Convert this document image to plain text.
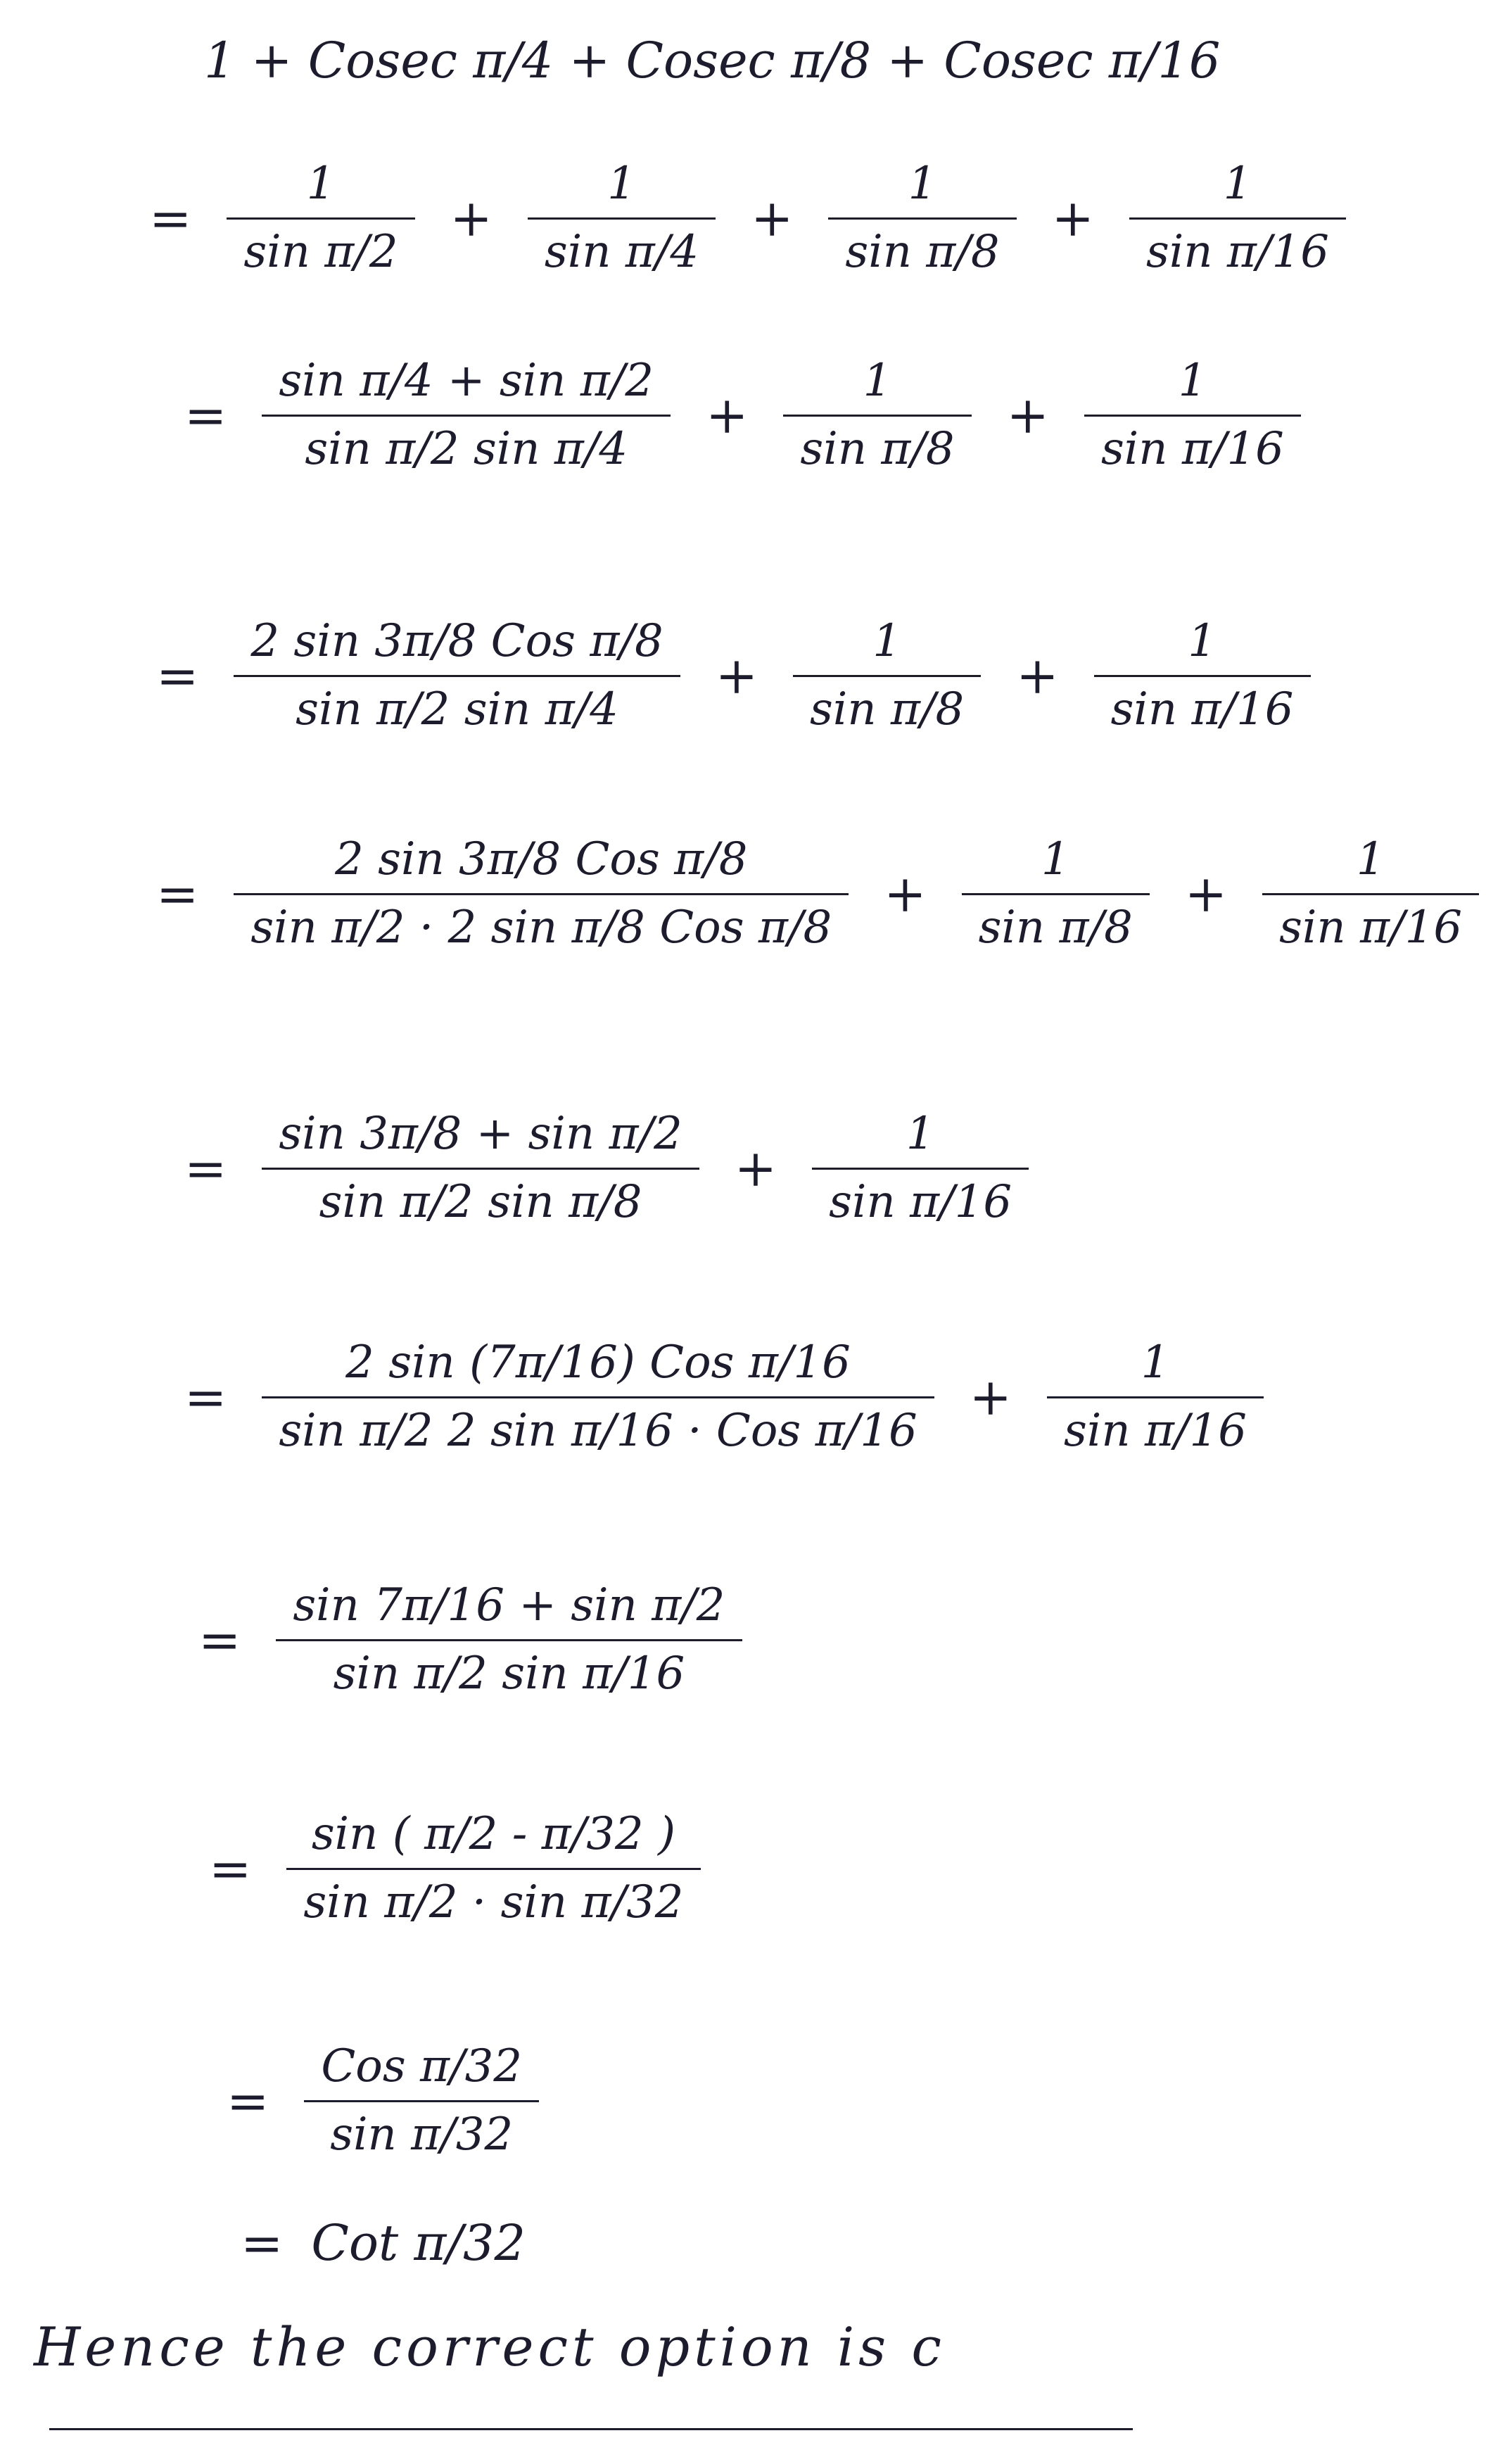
1 + Cosec π/4 + Cosec π/8 + Cosec π/16
= $\frac{1}{\text{sin π/2}} + \frac{1}{\text{sin π/4}} + \frac{1}{\text{sin π/8}} + \frac{1}{\text{sin π/16}}$
= $\frac{\text{sin π/4 + sin π/2}}{\text{sin π/2 sin π/4}} + \frac{1}{\text{sin π/8}} + \frac{1}{\text{sin π/16}}$
= $\frac{\text{2 sin 3π/8 Cos π/8}}{\text{sin π/2 sin π/4}} + \frac{1}{\text{sin π/8}} + \frac{1}{\text{sin π/16}}$
= $\frac{\text{2 sin 3π/8 Cos π/8}}{\text{sin π/2 · 2 sin π/8 Cos π/8}} + \frac{1}{\text{sin π/8}} + \frac{1}{\text{sin π/16}}$
= $\frac{\text{sin 3π/8 + sin π/2}}{\text{sin π/2 sin π/8}} + \frac{1}{\text{sin π/16}}$
= $\frac{\text{2 sin (7π/16) Cos π/16}}{\text{sin π/2 2 sin π/16 · Cos π/16}} + \frac{1}{\text{sin π/16}}$
= $\frac{\text{sin 7π/16 + sin π/2}}{\text{sin π/2 sin π/16}}$
= $\frac{\sin ( \pi/2 - \pi/32 )}{\text{sin π/2 · sin π/32}}$
= $\frac{\text{Cos π/32}}{\text{sin π/32}}$
= Cot π/32
Hence the correct option is c
